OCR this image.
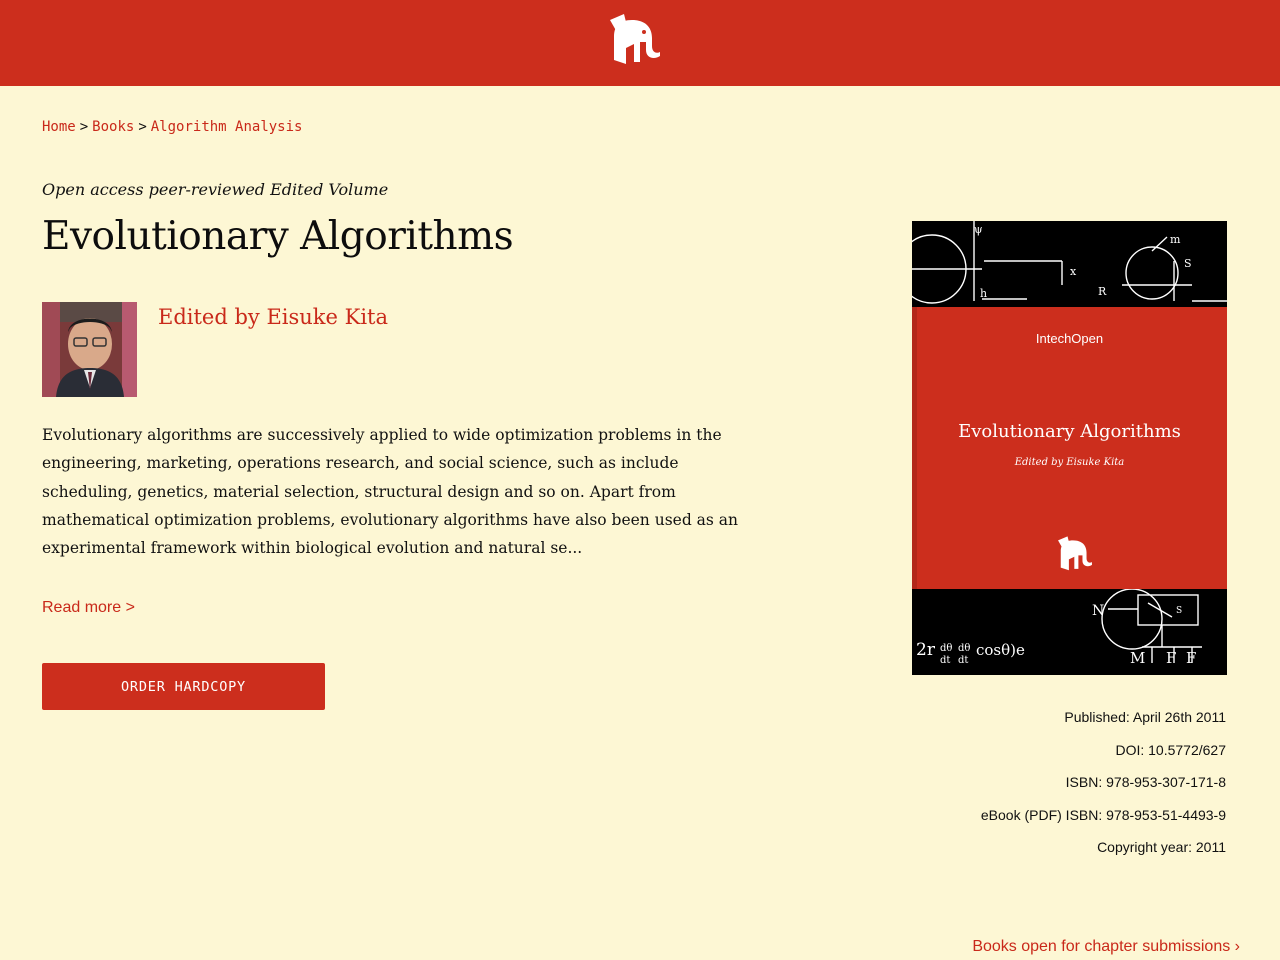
Home > Books > Algorithm Analysis
Open access peer-reviewed Edited Volume
Evolutionary Algorithms
Edited by Eisuke Kita

Evolutionary algorithms are successively applied to wide optimization problems in the engineering, marketing, operations research, and social science, such as include scheduling, genetics, material selection, structural design and so on. Apart from mathematical optimization problems, evolutionary algorithms have also been used as an experimental framework within biological evolution and natural se...

Read more >
ORDER HARDCOPY
ψ
h
x
R
m
S
IntechOpen
Evolutionary Algorithms
Edited by Eisuke Kita
N	S
2r dθ
dt
dθ
dt
cosθ)e	M F F
Published: April 26th 2011
DOI: 10.5772/627
ISBN: 978-953-307-171-8
eBook (PDF) ISBN: 978-953-51-4493-9
Copyright year: 2011
Books open for chapter submissions ›
